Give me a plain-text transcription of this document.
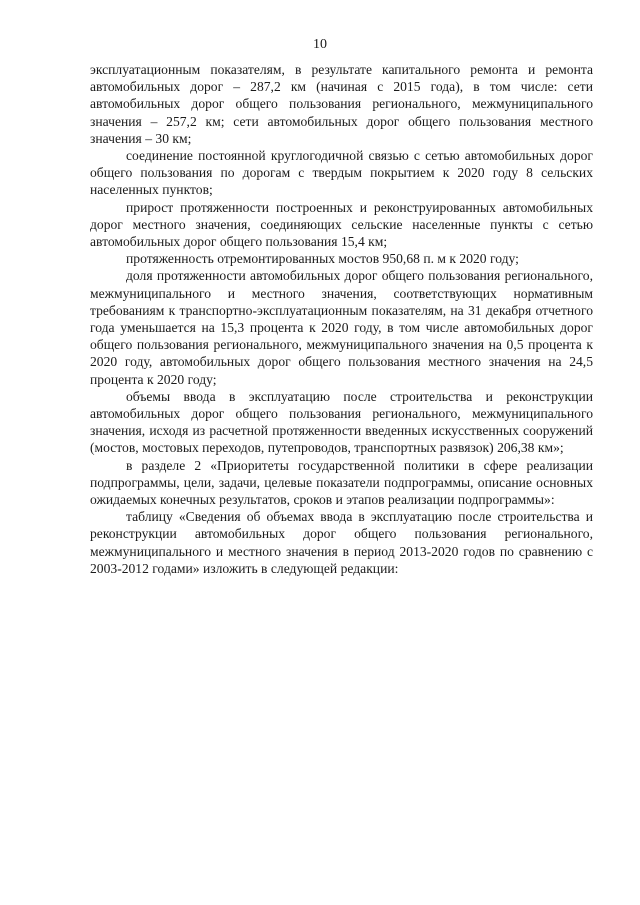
10

эксплуатационным показателям, в результате капитального ремонта и ремонта автомобильных дорог – 287,2 км (начиная с 2015 года), в том числе: сети автомобильных дорог общего пользования регионального, межмуниципального значения – 257,2 км; сети автомобильных дорог общего пользования местного значения – 30 км;

соединение постоянной круглогодичной связью с сетью автомобильных дорог общего пользования по дорогам с твердым покрытием к 2020 году 8 сельских населенных пунктов;

прирост протяженности построенных и реконструированных автомобильных дорог местного значения, соединяющих сельские населенные пункты с сетью автомобильных дорог общего пользования 15,4 км;

протяженность отремонтированных мостов 950,68 п. м к 2020 году;

доля протяженности автомобильных дорог общего пользования регионального, межмуниципального и местного значения, соответствующих нормативным требованиям к транспортно-эксплуатационным показателям, на 31 декабря отчетного года уменьшается на 15,3 процента к 2020 году, в том числе автомобильных дорог общего пользования регионального, межмуниципального значения на 0,5 процента к 2020 году, автомобильных дорог общего пользования местного значения на 24,5 процента к 2020 году;

объемы ввода в эксплуатацию после строительства и реконструкции автомобильных дорог общего пользования регионального, межмуниципального значения, исходя из расчетной протяженности введенных искусственных сооружений (мостов, мостовых переходов, путепроводов, транспортных развязок) 206,38 км»;

в разделе 2 «Приоритеты государственной политики в сфере реализации подпрограммы, цели, задачи, целевые показатели подпрограммы, описание основных ожидаемых конечных результатов, сроков и этапов реализации подпрограммы»:

таблицу «Сведения об объемах ввода в эксплуатацию после строительства и реконструкции автомобильных дорог общего пользования регионального, межмуниципального и местного значения в период 2013-2020 годов по сравнению с 2003-2012 годами» изложить в следующей редакции:
